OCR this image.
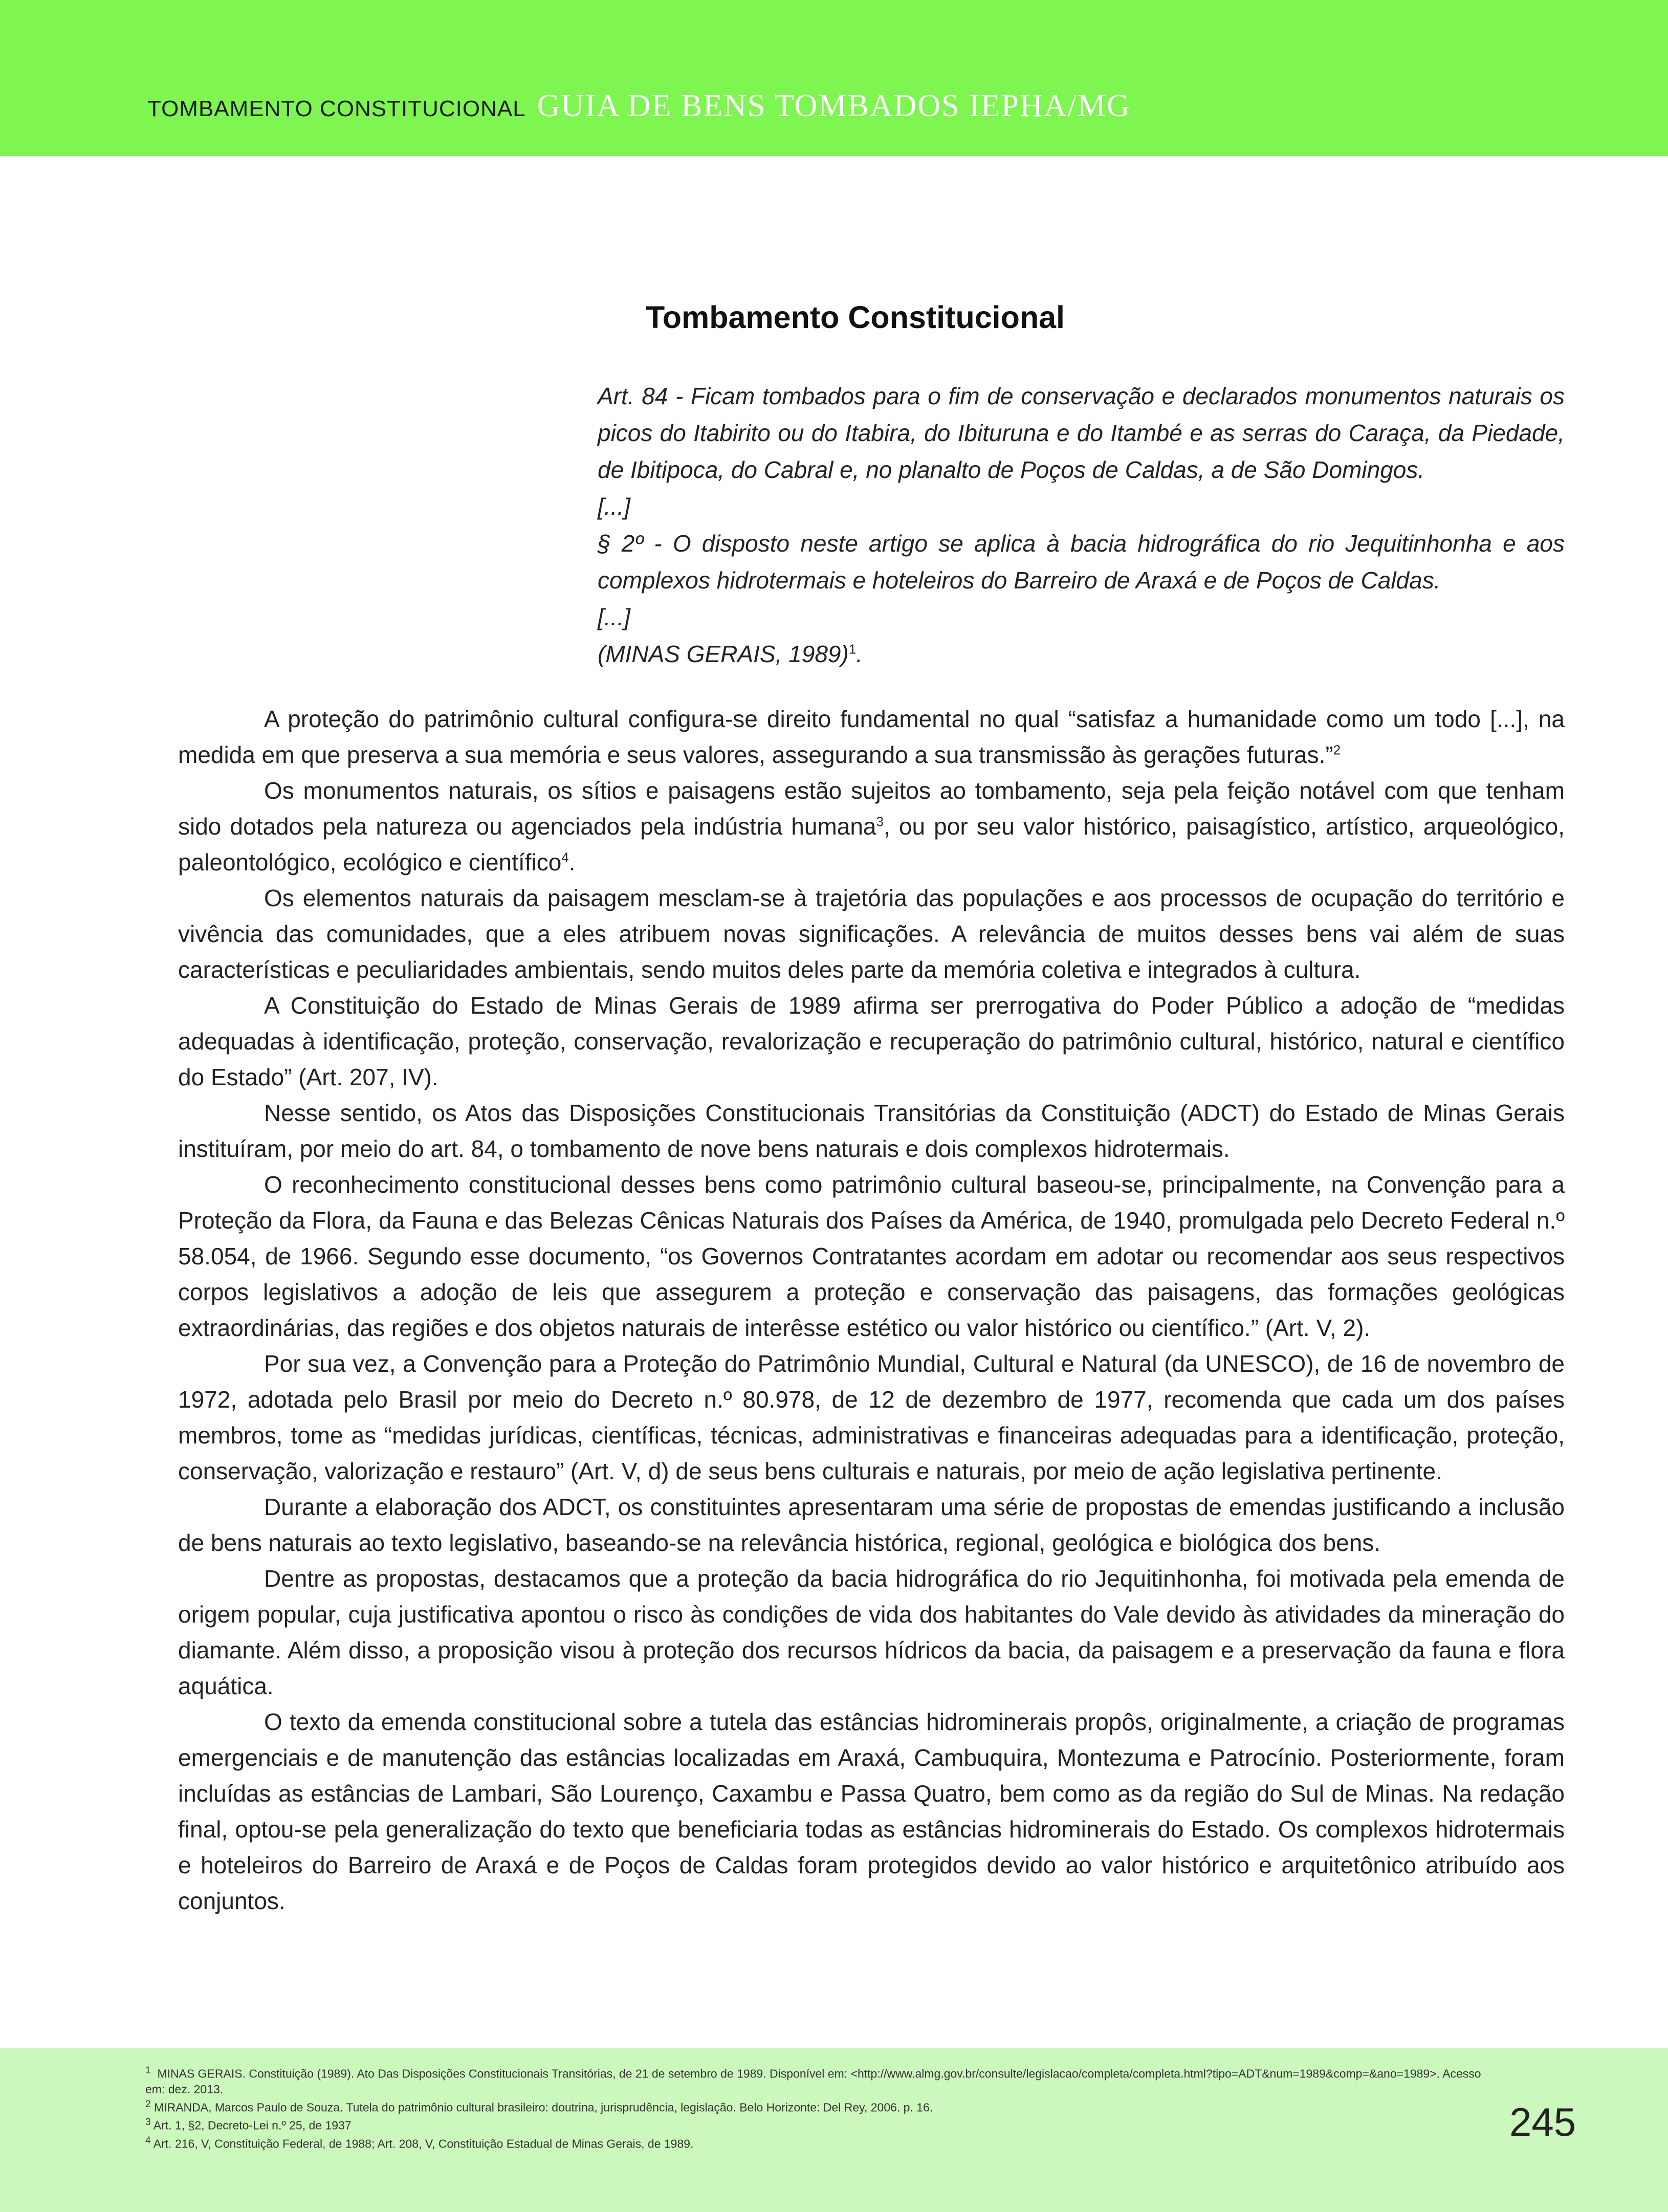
TOMBAMENTO CONSTITUCIONAL GUIA DE BENS TOMBADOS IEPHA/MG
Tombamento Constitucional
Art. 84 - Ficam tombados para o fim de conservação e declarados monumentos naturais os
picos do Itabirito ou do Itabira, do Ibituruna e do Itambé e as serras do Caraça, da Piedade,
de Ibitipoca, do Cabral e, no planalto de Poços de Caldas, a de São Domingos.
[...]
§ 2º - O disposto neste artigo se aplica à bacia hidrográfica do rio Jequitinhonha e aos
complexos hidrotermais e hoteleiros do Barreiro de Araxá e de Poços de Caldas.
[...]
(MINAS GERAIS, 1989)$^1$.

A proteção do patrimônio cultural configura-se direito fundamental no qual “satisfaz a humanidade como um todo [...], na medida em que preserva a sua memória e seus valores, assegurando a sua transmissão às gerações futuras.”$^2$

Os monumentos naturais, os sítios e paisagens estão sujeitos ao tombamento, seja pela feição notável com que tenham sido dotados pela natureza ou agenciados pela indústria humana$^3$, ou por seu valor histórico, paisagístico, artístico, arqueológico, paleontológico, ecológico e científico$^4$.

Os elementos naturais da paisagem mesclam-se à trajetória das populações e aos processos de ocupação do território e vivência das comunidades, que a eles atribuem novas significações. A relevância de muitos desses bens vai além de suas características e peculiaridades ambientais, sendo muitos deles parte da memória coletiva e integrados à cultura.

A Constituição do Estado de Minas Gerais de 1989 afirma ser prerrogativa do Poder Público a adoção de “medidas adequadas à identificação, proteção, conservação, revalorização e recuperação do patrimônio cultural, histórico, natural e científico do Estado” (Art. 207, IV).

Nesse sentido, os Atos das Disposições Constitucionais Transitórias da Constituição (ADCT) do Estado de Minas Gerais instituíram, por meio do art. 84, o tombamento de nove bens naturais e dois complexos hidrotermais.

O reconhecimento constitucional desses bens como patrimônio cultural baseou-se, principalmente, na Convenção para a Proteção da Flora, da Fauna e das Belezas Cênicas Naturais dos Países da América, de 1940, promulgada pelo Decreto Federal n.º 58.054, de 1966. Segundo esse documento, “os Governos Contratantes acordam em adotar ou recomendar aos seus respectivos corpos legislativos a adoção de leis que assegurem a proteção e conservação das paisagens, das formações geológicas extraordinárias, das regiões e dos objetos naturais de interêsse estético ou valor histórico ou científico.” (Art. V, 2).

Por sua vez, a Convenção para a Proteção do Patrimônio Mundial, Cultural e Natural (da UNESCO), de 16 de novembro de 1972, adotada pelo Brasil por meio do Decreto n.º 80.978, de 12 de dezembro de 1977, recomenda que cada um dos países membros, tome as “medidas jurídicas, científicas, técnicas, administrativas e financeiras adequadas para a identificação, proteção, conservação, valorização e restauro” (Art. V, d) de seus bens culturais e naturais, por meio de ação legislativa pertinente.

Durante a elaboração dos ADCT, os constituintes apresentaram uma série de propostas de emendas justificando a inclusão de bens naturais ao texto legislativo, baseando-se na relevância histórica, regional, geológica e biológica dos bens.

Dentre as propostas, destacamos que a proteção da bacia hidrográfica do rio Jequitinhonha, foi motivada pela emenda de origem popular, cuja justificativa apontou o risco às condições de vida dos habitantes do Vale devido às atividades da mineração do diamante. Além disso, a proposição visou à proteção dos recursos hídricos da bacia, da paisagem e a preservação da fauna e flora aquática.

O texto da emenda constitucional sobre a tutela das estâncias hidrominerais propôs, originalmente, a criação de programas emergenciais e de manutenção das estâncias localizadas em Araxá, Cambuquira, Montezuma e Patrocínio. Posteriormente, foram incluídas as estâncias de Lambari, São Lourenço, Caxambu e Passa Quatro, bem como as da região do Sul de Minas. Na redação final, optou-se pela generalização do texto que beneficiaria todas as estâncias hidrominerais do Estado. Os complexos hidrotermais e hoteleiros do Barreiro de Araxá e de Poços de Caldas foram protegidos devido ao valor histórico e arquitetônico atribuído aos conjuntos.

$^1$ MINAS GERAIS. Constituição (1989). Ato Das Disposições Constitucionais Transitórias, de 21 de setembro de 1989. Disponível em: <http://www.almg.gov.br/consulte/legislacao/completa/completa.html?tipo=ADT&num=1989&comp=&ano=1989>. Acesso em: dez. 2013.
$^2$ MIRANDA, Marcos Paulo de Souza. Tutela do patrimônio cultural brasileiro: doutrina, jurisprudência, legislação. Belo Horizonte: Del Rey, 2006. p. 16.
$^3$ Art. 1, §2, Decreto-Lei n.º 25, de 1937
$^4$ Art. 216, V, Constituição Federal, de 1988; Art. 208, V, Constituição Estadual de Minas Gerais, de 1989.	245
